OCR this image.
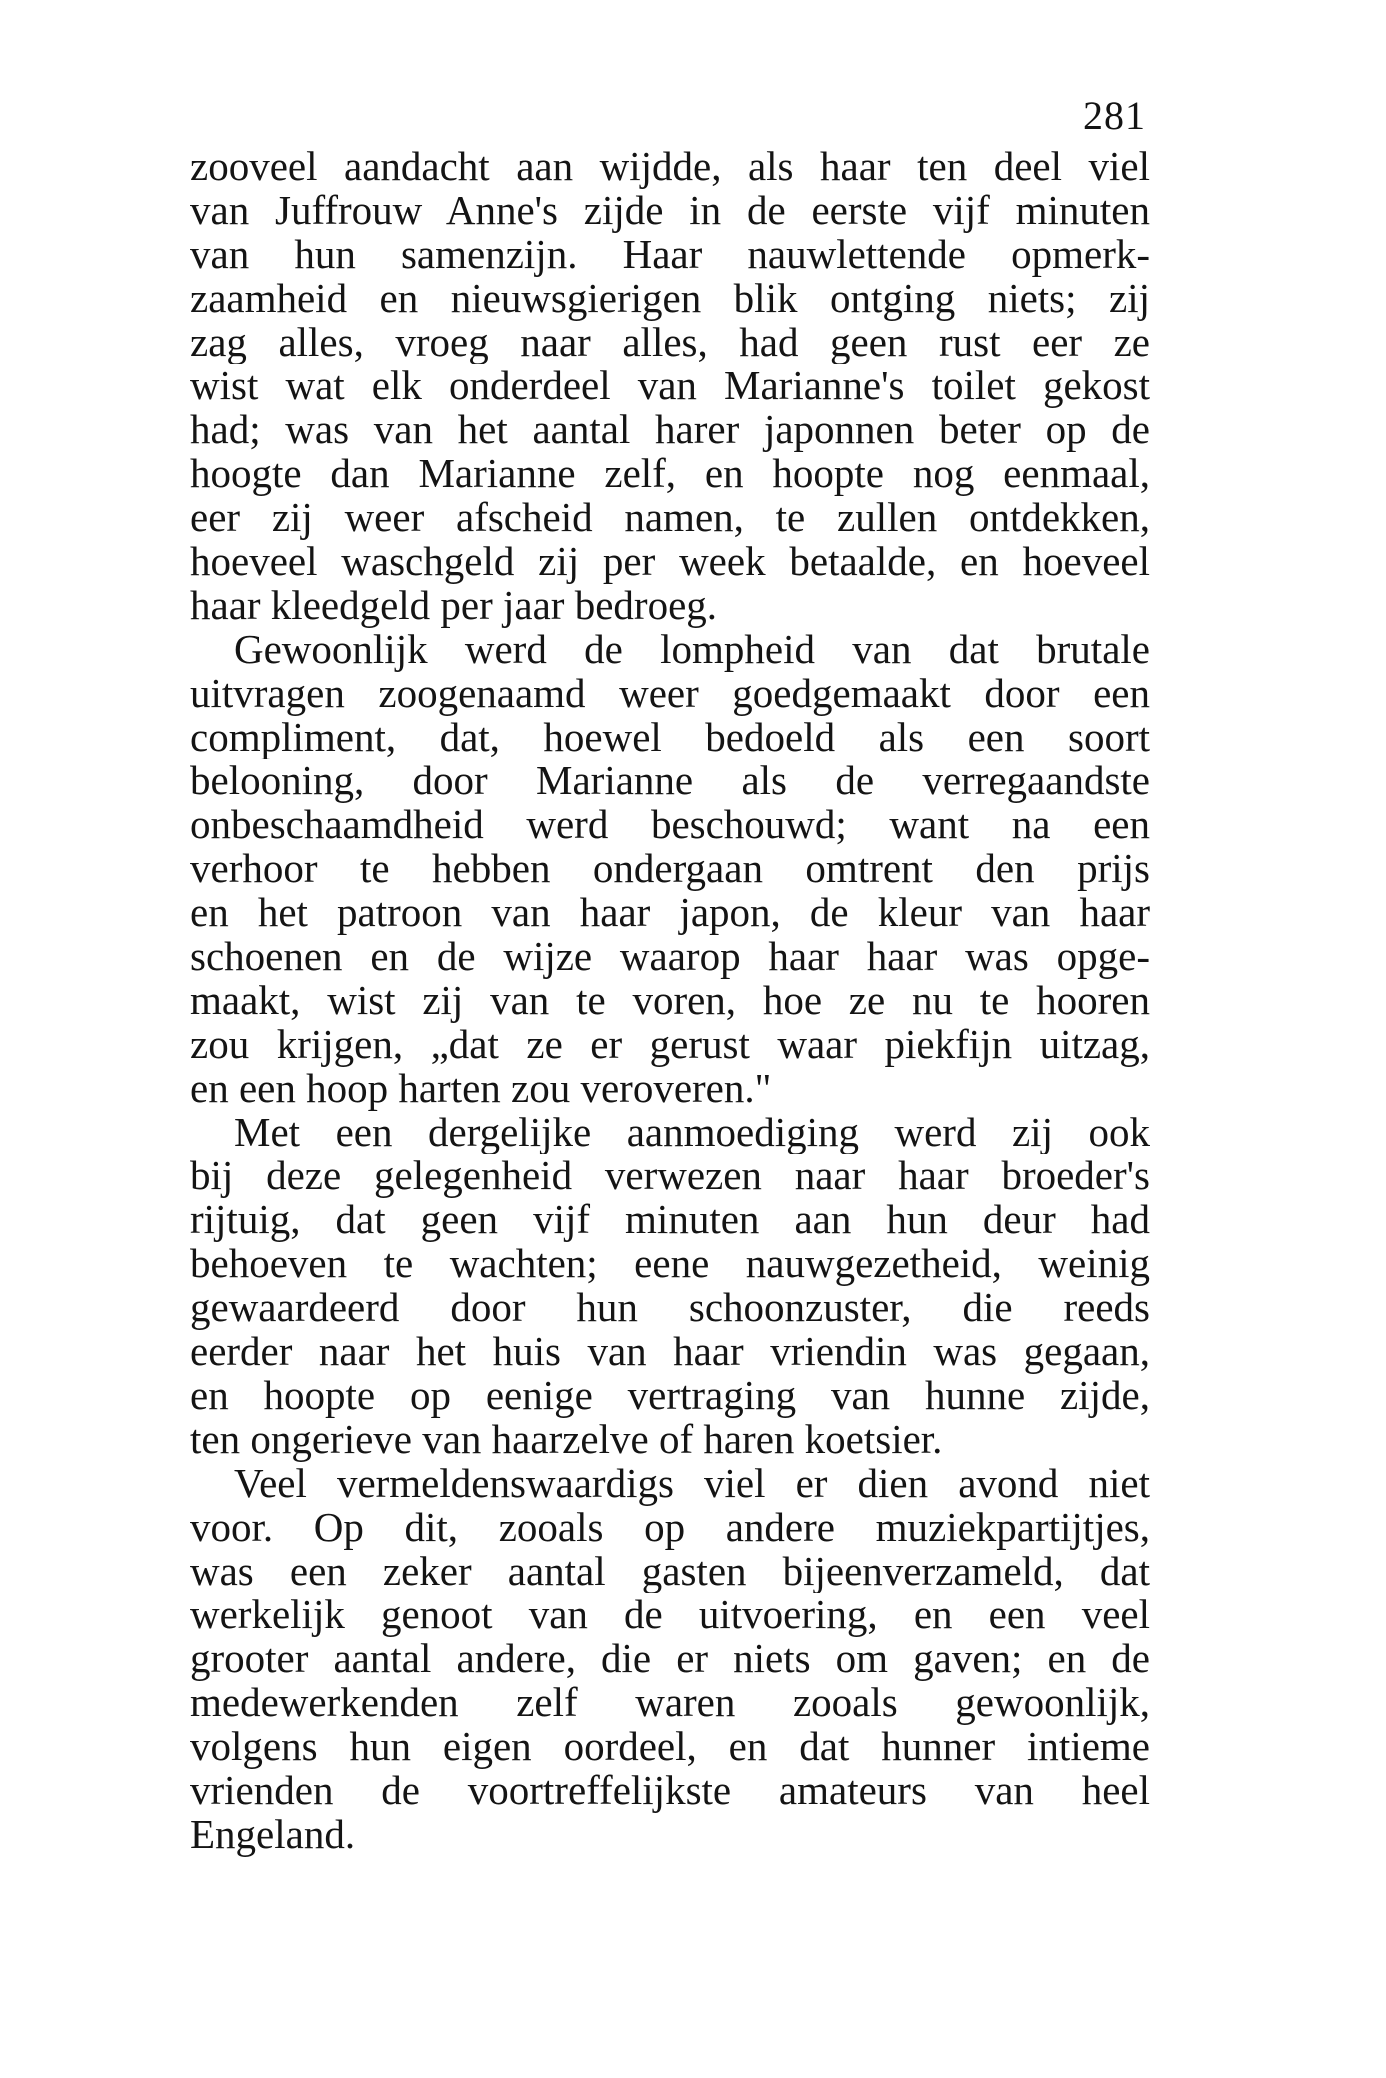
281
zooveel aandacht aan wijdde, als haar ten deel viel
van Juffrouw Anne's zijde in de eerste vijf minuten
van hun samenzijn. Haar nauwlettende opmerk-
zaamheid en nieuwsgierigen blik ontging niets; zij
zag alles, vroeg naar alles, had geen rust eer ze
wist wat elk onderdeel van Marianne's toilet gekost
had; was van het aantal harer japonnen beter op de
hoogte dan Marianne zelf, en hoopte nog eenmaal,
eer zij weer afscheid namen, te zullen ontdekken,
hoeveel waschgeld zij per week betaalde, en hoeveel
haar kleedgeld per jaar bedroeg.
Gewoonlijk werd de lompheid van dat brutale
uitvragen zoogenaamd weer goedgemaakt door een
compliment, dat, hoewel bedoeld als een soort
belooning, door Marianne als de verregaandste
onbeschaamdheid werd beschouwd; want na een
verhoor te hebben ondergaan omtrent den prijs
en het patroon van haar japon, de kleur van haar
schoenen en de wijze waarop haar haar was opge-
maakt, wist zij van te voren, hoe ze nu te hooren
zou krijgen, „dat ze er gerust waar piekfijn uitzag,
en een hoop harten zou veroveren."
Met een dergelijke aanmoediging werd zij ook
bij deze gelegenheid verwezen naar haar broeder's
rijtuig, dat geen vijf minuten aan hun deur had
behoeven te wachten; eene nauwgezetheid, weinig
gewaardeerd door hun schoonzuster, die reeds
eerder naar het huis van haar vriendin was gegaan,
en hoopte op eenige vertraging van hunne zijde,
ten ongerieve van haarzelve of haren koetsier.
Veel vermeldenswaardigs viel er dien avond niet
voor. Op dit, zooals op andere muziekpartijtjes,
was een zeker aantal gasten bijeenverzameld, dat
werkelijk genoot van de uitvoering, en een veel
grooter aantal andere, die er niets om gaven; en de
medewerkenden zelf waren zooals gewoonlijk,
volgens hun eigen oordeel, en dat hunner intieme
vrienden de voortreffelijkste amateurs van heel
Engeland.
